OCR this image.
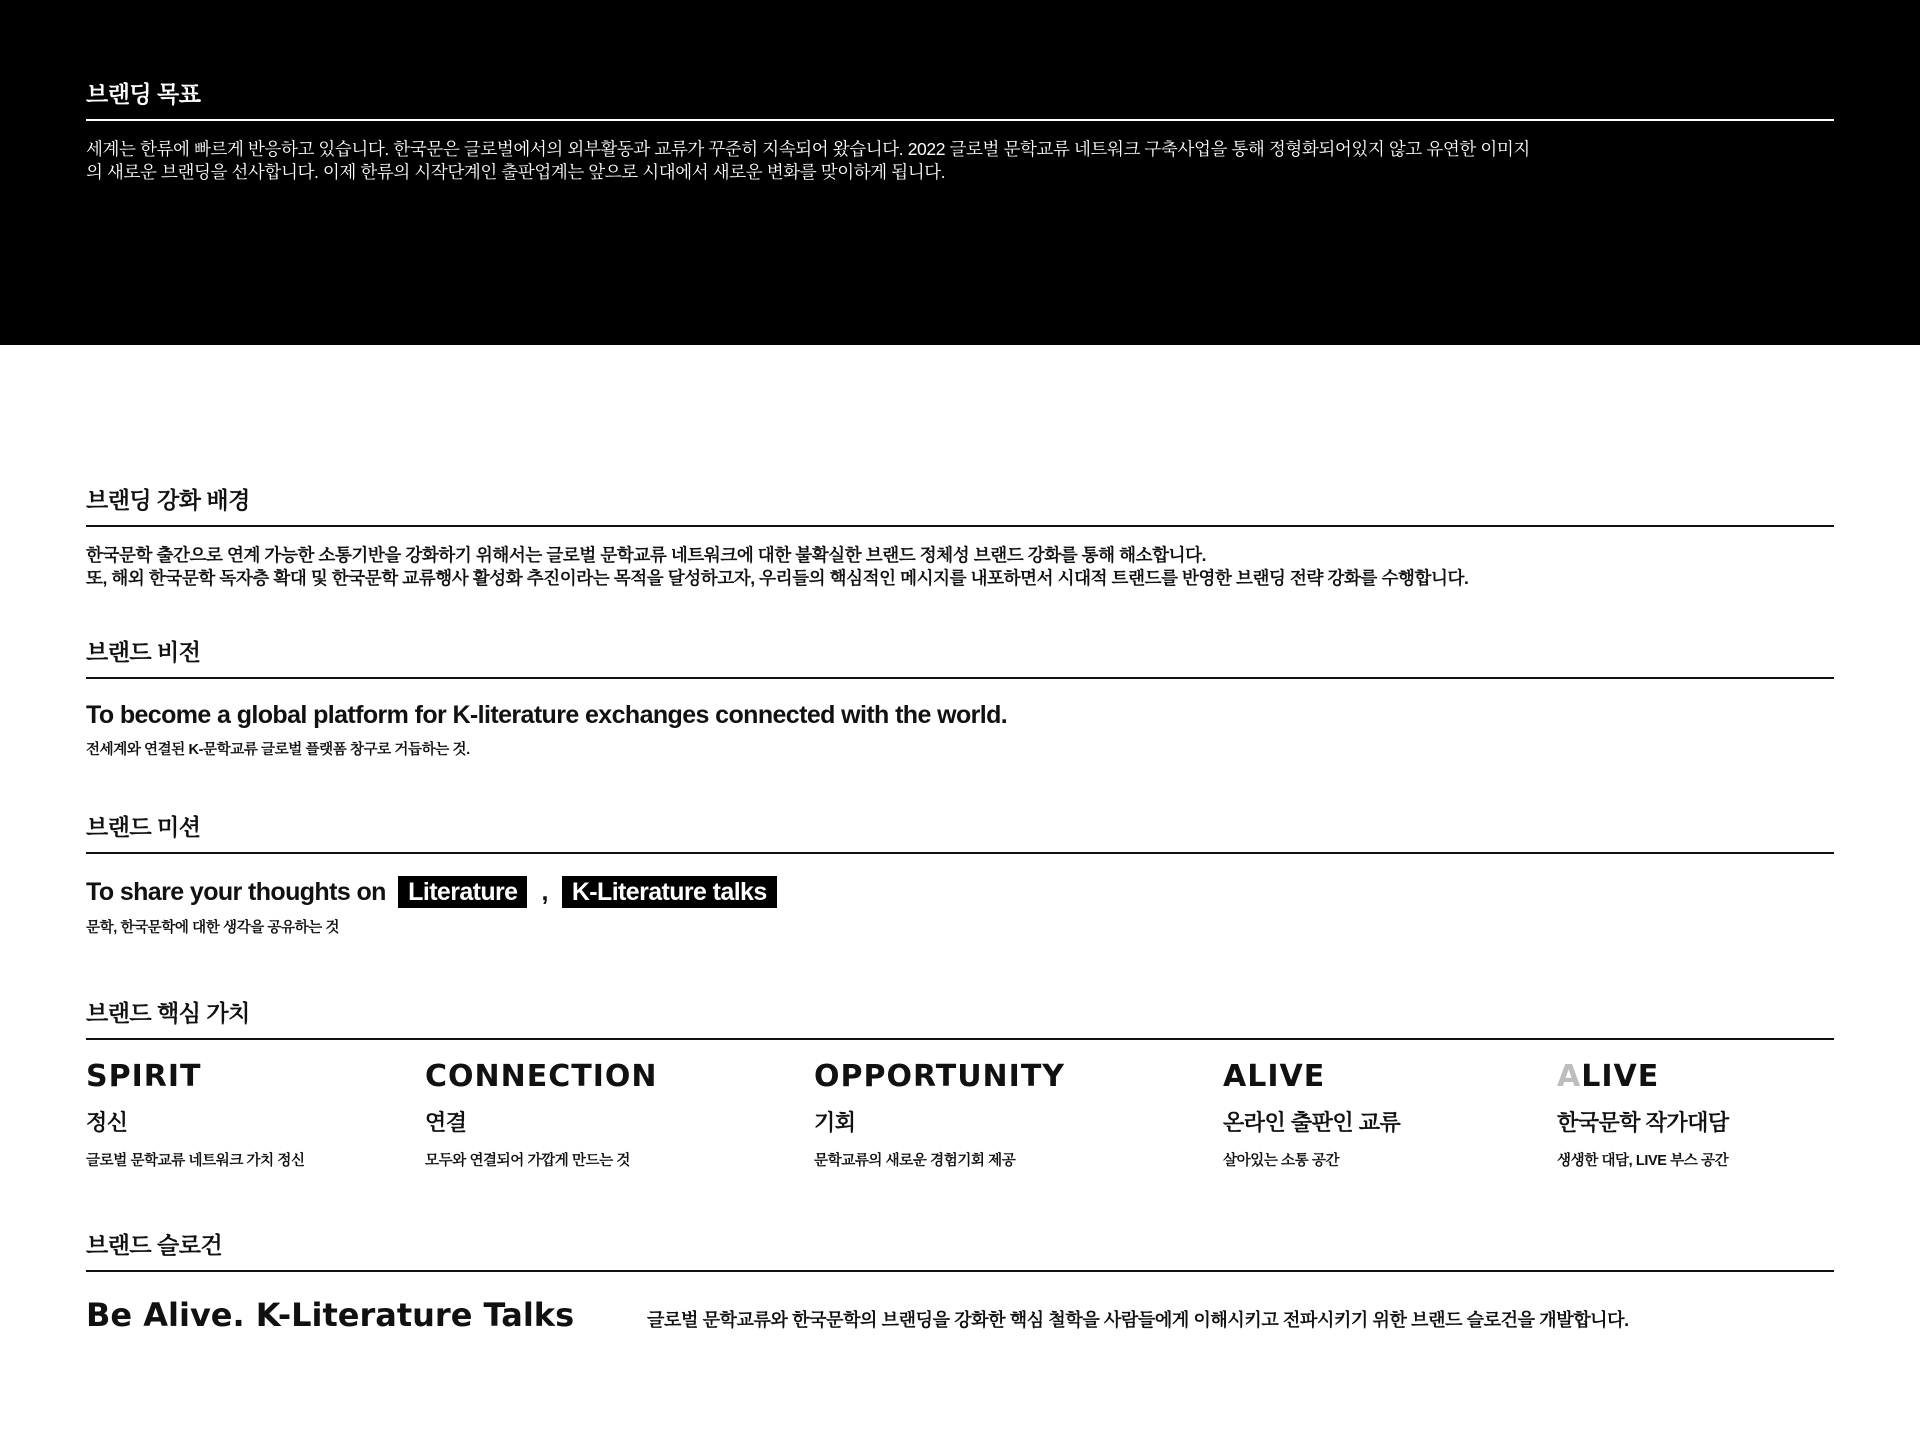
브랜딩 목표
세계는 한류에 빠르게 반응하고 있습니다. 한국문은 글로벌에서의 외부활동과 교류가 꾸준히 지속되어 왔습니다. 2022 글로벌 문학교류 네트워크 구축사업을 통해 정형화되어있지 않고 유연한 이미지
의 새로운 브랜딩을 선사합니다. 이제 한류의 시작단계인 출판업계는 앞으로 시대에서 새로운 변화를 맞이하게 됩니다.
브랜딩 강화 배경
한국문학 출간으로 연계 가능한 소통기반을 강화하기 위해서는 글로벌 문학교류 네트워크에 대한 불확실한 브랜드 정체성 브랜드 강화를 통해 해소합니다.
또, 해외 한국문학 독자층 확대 및 한국문학 교류행사 활성화 추진이라는 목적을 달성하고자, 우리들의 핵심적인 메시지를 내포하면서 시대적 트랜드를 반영한 브랜딩 전략 강화를 수행합니다.
브랜드 비전
To become a global platform for K-literature exchanges connected with the world.
전세계와 연결된 K-문학교류 글로벌 플랫폼 창구로 거듭하는 것.
브랜드 미션
To share your thoughts on Literature , K-Literature talks
문학, 한국문학에 대한 생각을 공유하는 것
브랜드 핵심 가치
SPIRIT
정신
글로벌 문학교류 네트워크 가치 정신
CONNECTION
연결
모두와 연결되어 가깝게 만드는 것
OPPORTUNITY
기회
문학교류의 새로운 경험기회 제공
ALIVE
온라인 출판인 교류
살아있는 소통 공간
ALIVE
한국문학 작가대담
생생한 대담, LIVE 부스 공간
브랜드 슬로건
Be Alive. K-Literature Talks	글로벌 문학교류와 한국문학의 브랜딩을 강화한 핵심 철학을 사람들에게 이해시키고 전파시키기 위한 브랜드 슬로건을 개발합니다.
